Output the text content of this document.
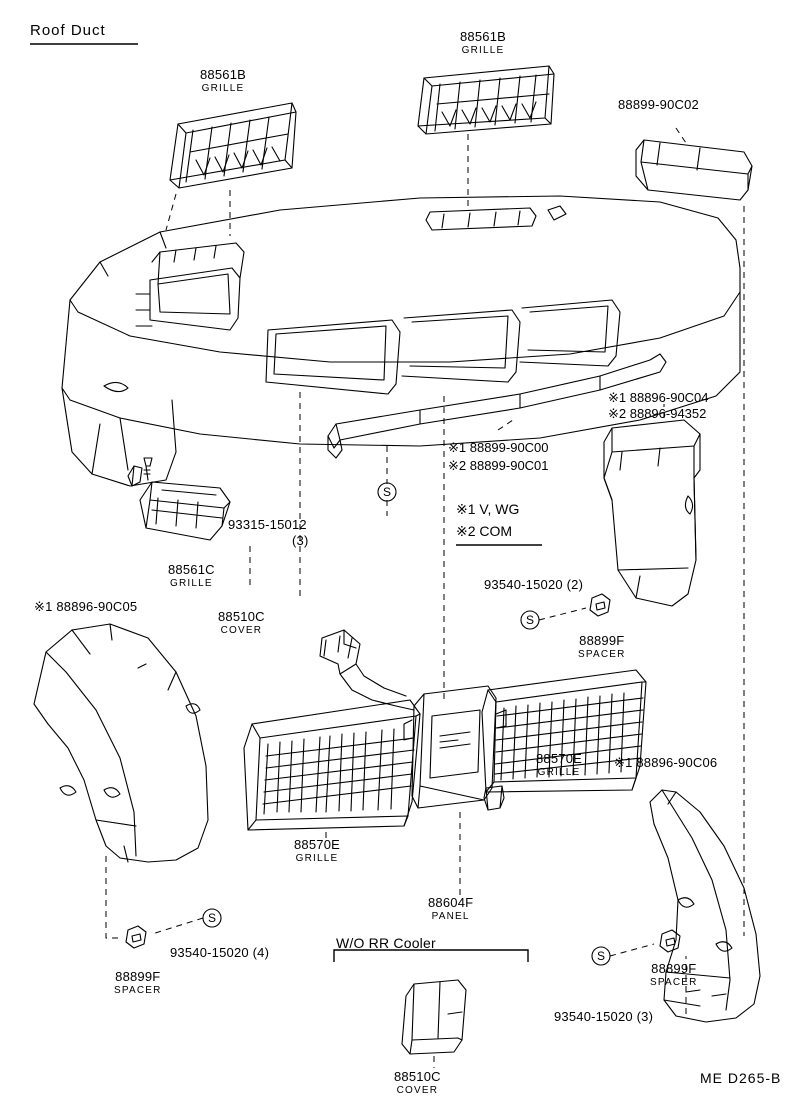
Roof Duct
88561B
GRILLE
88561B
GRILLE
88899-90C02
88561C
GRILLE
88510C
COVER
93315-15012
(3)
※1 88899-90C00
※2 88899-90C01
※1 88896-90C04
※2 88896-94352
※1 V, WG
※2 COM
93540-15020 (2)
88899F
SPACER
※1 88896-90C05
88570E
GRILLE
88570E
GRILLE
88604F
PANEL
※1 88896-90C06
93540-15020 (4)
88899F
SPACER
88899F
SPACER
93540-15020 (3)
W/O RR Cooler
88510C
COVER
S
S
S
S
ME D265-B
